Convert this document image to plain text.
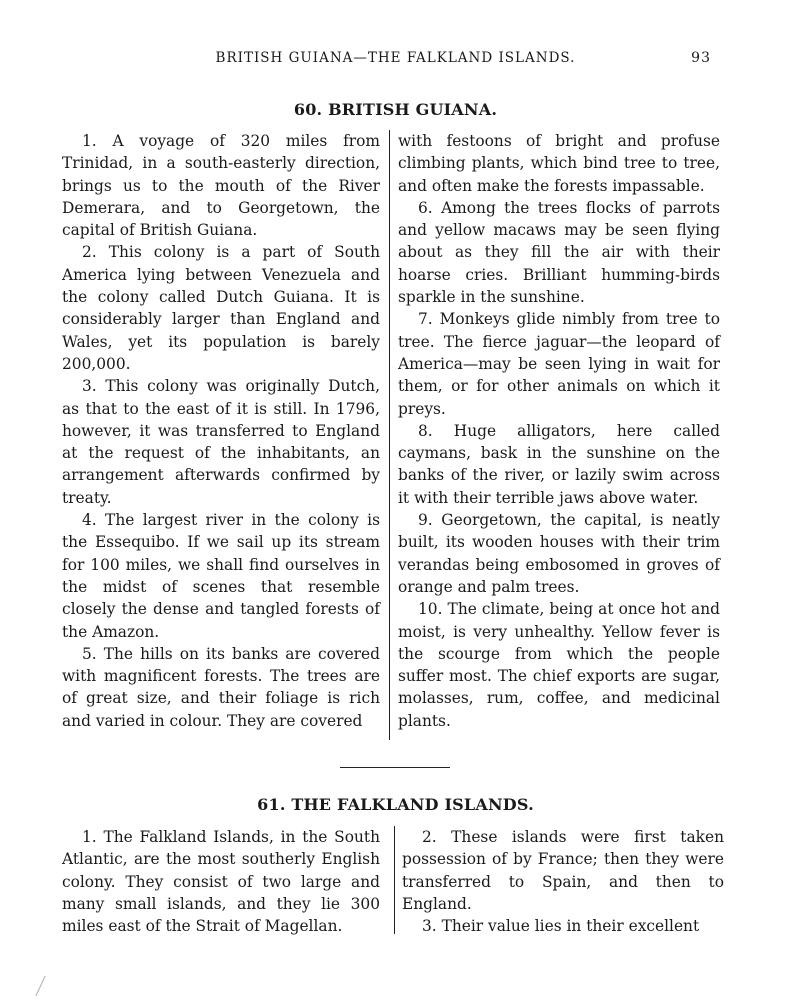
BRITISH GUIANA—THE FALKLAND ISLANDS.	93
60. BRITISH GUIANA.

1. A voyage of 320 miles from Trinidad, in a south-easterly direction, brings us to the mouth of the River Demerara, and to Georgetown, the capital of British Guiana.

2. This colony is a part of South America lying between Venezuela and the colony called Dutch Guiana. It is considerably larger than England and Wales, yet its population is barely 200,000.

3. This colony was originally Dutch, as that to the east of it is still. In 1796, however, it was transferred to England at the request of the inhabitants, an arrangement afterwards confirmed by treaty.

4. The largest river in the colony is the Essequibo. If we sail up its stream for 100 miles, we shall find ourselves in the midst of scenes that resemble closely the dense and tangled forests of the Amazon.

5. The hills on its banks are covered with magnificent forests. The trees are of great size, and their foliage is rich and varied in colour. They are covered

with festoons of bright and profuse climbing plants, which bind tree to tree, and often make the forests impassable.

6. Among the trees flocks of parrots and yellow macaws may be seen flying about as they fill the air with their hoarse cries. Brilliant humming-birds sparkle in the sunshine.

7. Monkeys glide nimbly from tree to tree. The fierce jaguar—the leopard of America—may be seen lying in wait for them, or for other animals on which it preys.

8. Huge alligators, here called caymans, bask in the sunshine on the banks of the river, or lazily swim across it with their terrible jaws above water.

9. Georgetown, the capital, is neatly built, its wooden houses with their trim verandas being embosomed in groves of orange and palm trees.

10. The climate, being at once hot and moist, is very unhealthy. Yellow fever is the scourge from which the people suffer most. The chief exports are sugar, molasses, rum, coffee, and medicinal plants.

61. THE FALKLAND ISLANDS.

1. The Falkland Islands, in the South Atlantic, are the most southerly English colony. They consist of two large and many small islands, and they lie 300 miles east of the Strait of Magellan.

2. These islands were first taken possession of by France; then they were transferred to Spain, and then to England.

3. Their value lies in their excellent
